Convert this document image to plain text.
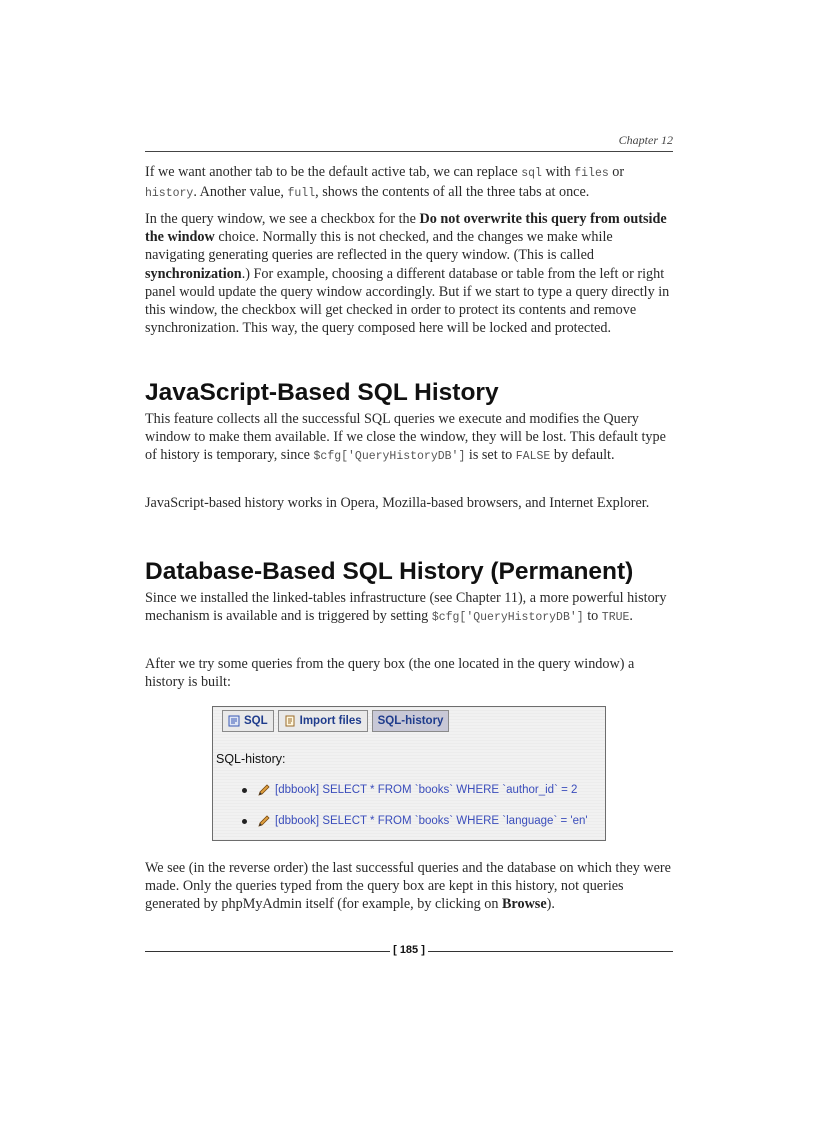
Chapter 12

If we want another tab to be the default active tab, we can replace sql with files or history. Another value, full, shows the contents of all the three tabs at once.

In the query window, we see a checkbox for the Do not overwrite this query from outside the window choice. Normally this is not checked, and the changes we make while navigating generating queries are reflected in the query window. (This is called synchronization.) For example, choosing a different database or table from the left or right panel would update the query window accordingly. But if we start to type a query directly in this window, the checkbox will get checked in order to protect its contents and remove synchronization. This way, the query composed here will be locked and protected.

JavaScript-Based SQL History

This feature collects all the successful SQL queries we execute and modifies the Query window to make them available. If we close the window, they will be lost. This default type of history is temporary, since $cfg['QueryHistoryDB'] is set to FALSE by default.

JavaScript-based history works in Opera, Mozilla-based browsers, and Internet Explorer.

Database-Based SQL History (Permanent)

Since we installed the linked-tables infrastructure (see Chapter 11), a more powerful history mechanism is available and is triggered by setting $cfg['QueryHistoryDB'] to TRUE.

After we try some queries from the query box (the one located in the query window) a history is built:

SQL	Import files SQL-history
SQL-history:
[dbbook] SELECT * FROM `books` WHERE `author_id` = 2
[dbbook] SELECT * FROM `books` WHERE `language` = 'en'

We see (in the reverse order) the last successful queries and the database on which they were made. Only the queries typed from the query box are kept in this history, not queries generated by phpMyAdmin itself (for example, by clicking on Browse).

[ 185 ]
